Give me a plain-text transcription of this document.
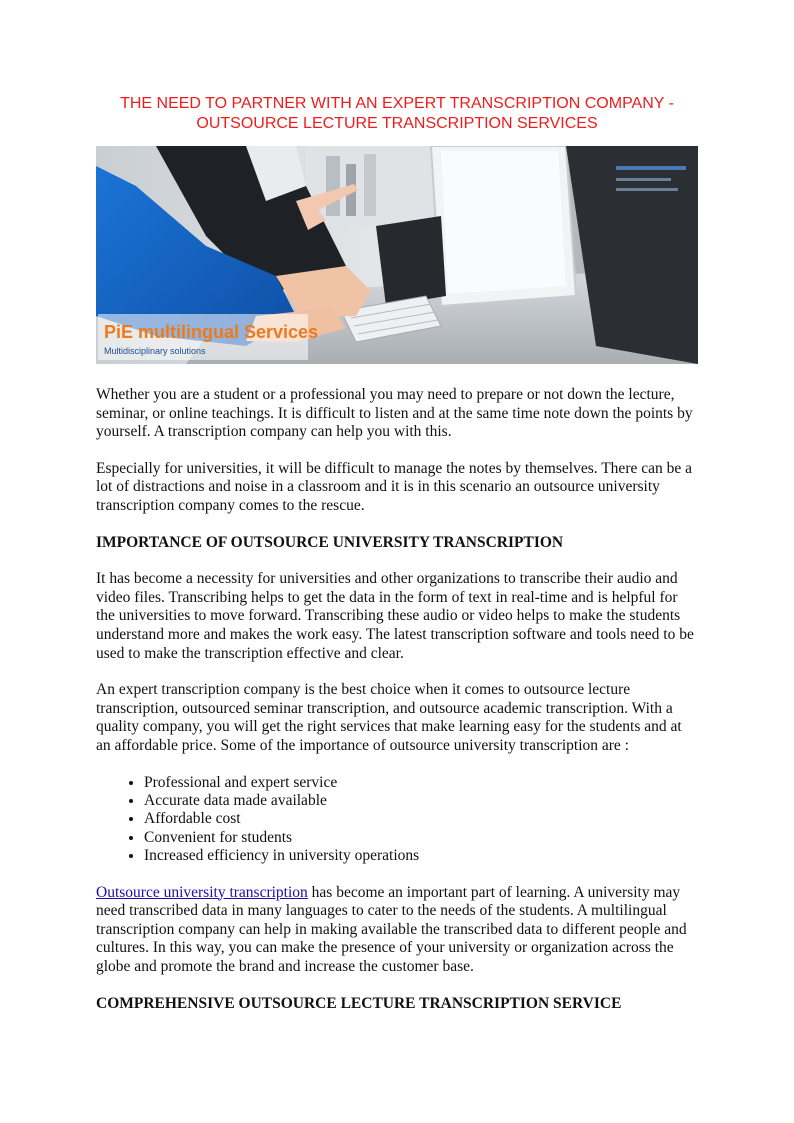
THE NEED TO PARTNER WITH AN EXPERT TRANSCRIPTION COMPANY -
OUTSOURCE LECTURE TRANSCRIPTION SERVICES
PiE multilingual Services
Multidisciplinary solutions

Whether you are a student or a professional you may need to prepare or not down the lecture, seminar, or online teachings. It is difficult to listen and at the same time note down the points by yourself. A transcription company can help you with this.

Especially for universities, it will be difficult to manage the notes by themselves. There can be a lot of distractions and noise in a classroom and it is in this scenario an outsource university transcription company comes to the rescue.

IMPORTANCE OF OUTSOURCE UNIVERSITY TRANSCRIPTION

It has become a necessity for universities and other organizations to transcribe their audio and video files. Transcribing helps to get the data in the form of text in real-time and is helpful for the universities to move forward. Transcribing these audio or video helps to make the students understand more and makes the work easy. The latest transcription software and tools need to be used to make the transcription effective and clear.

An expert transcription company is the best choice when it comes to outsource lecture transcription, outsourced seminar transcription, and outsource academic transcription. With a quality company, you will get the right services that make learning easy for the students and at an affordable price. Some of the importance of outsource university transcription are :

• Professional and expert service
• Accurate data made available
• Affordable cost
• Convenient for students
• Increased efficiency in university operations

Outsource university transcription has become an important part of learning. A university may need transcribed data in many languages to cater to the needs of the students. A multilingual transcription company can help in making available the transcribed data to different people and cultures. In this way, you can make the presence of your university or organization across the globe and promote the brand and increase the customer base.

COMPREHENSIVE OUTSOURCE LECTURE TRANSCRIPTION SERVICE
